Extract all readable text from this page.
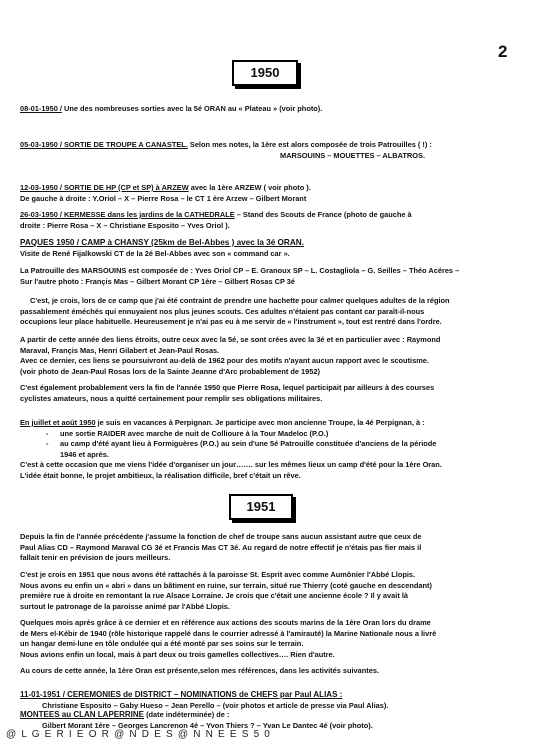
2
1950

08-01-1950 / Une des nombreuses sorties avec la 5é ORAN au « Plateau » (voir photo).

05-03-1950 / SORTIE DE TROUPE A CANASTEL. Selon mes notes, la 1ère est alors composée de trois Patrouilles ( !) :

MARSOUINS – MOUETTES – ALBATROS.

12-03-1950 / SORTIE DE HP (CP et SP) à ARZEW avec la 1ère ARZEW ( voir photo ).

De gauche à droite : Y.Oriol – X – Pierre Rosa – le CT 1 ère Arzew – Gilbert Morant

26-03-1950 / KERMESSE dans les jardins de la CATHEDRALE – Stand des Scouts de France (photo de gauche à

droite : Pierre Rosa – X – Christiane Esposito – Yves Oriol ).

PAQUES 1950 / CAMP à CHANSY (25km de Bel-Abbes ) avec la 3é ORAN.

Visite de René Fijalkowski CT de la 2é Bel-Abbes avec son « command car ».

La Patrouille des MARSOUINS est composée de : Yves Oriol CP – E. Granoux SP – L. Costagliola – G. Seilles – Théo Acéres –

Sur l'autre photo : Françis Mas – Gilbert Morant CP 1ère – Gilbert Rosas CP 3é

C'est, je crois, lors de ce camp que j'ai été contraint de prendre une hachette pour calmer quelques adultes de la région

passablement éméchés qui ennuyaient nos plus jeunes scouts. Ces adultes n'étaient pas contant car paraît-il-nous

occupions leur place habituelle. Heureusement je n'ai pas eu à me servir de « l'instrument », tout est rentré dans l'ordre.

A partir de cette année des liens étroits, outre ceux avec la 5é, se sont crées avec la 3é et en particulier avec : Raymond

Maraval, Françis Mas, Henri Gilabert et Jean-Paul Rosas.

Avec ce dernier, ces liens se poursuivront au-delà de 1962 pour des motifs n'ayant aucun rapport avec le scoutisme.

(voir photo de Jean-Paul Rosas lors de la Sainte Jeanne d'Arc probablement de 1952)

C'est également probablement vers la fin de l'année 1950 que Pierre Rosa, lequel participait par ailleurs à des courses

cyclistes amateurs, nous a quitté certainement pour remplir ses obligations militaires.

En juillet et août 1950 je suis en vacances à Perpignan. Je participe avec mon ancienne Troupe, la 4é Perpignan, à :

- une sortie RAIDER avec marche de nuit de Collioure à la Tour Madeloc (P.O.)

- au camp d'été ayant lieu à Formiguères (P.O.) au sein d'une 5é Patrouille constituée d'anciens de la période

1946 et après.

C'est à cette occasion que me viens l'idée d'organiser un jour……. sur les mêmes lieux un camp d'été pour la 1ère Oran.

L'idée était bonne, le projet ambitieux, la réalisation difficile, bref c'était un rêve.

1951

Depuis la fin de l'année précédente j'assume la fonction de chef de troupe sans aucun assistant autre que ceux de

Paul Alias CD – Raymond Maraval CG 3é et Francis Mas CT 3é. Au regard de notre effectif je n'étais pas fier mais il

fallait tenir en prévision de jours meilleurs.

C'est je crois en 1951 que nous avons été rattachés à la paroisse St. Esprit avec comme Aumônier l'Abbé Llopis.

Nous avons eu enfin un « abri » dans un bâtiment en ruine, sur terrain, situé rue Thierry (coté gauche en descendant)

première rue à droite en remontant la rue Alsace Lorraine. Je crois que c'était une ancienne école ? Il y avait là

surtout le patronage de la paroisse animé par l'Abbé Llopis.

Quelques mois après grâce à ce dernier et en référence aux actions des scouts marins de la 1ère Oran lors du drame

de Mers el-Kébir de 1940 (rôle historique rappelé dans le courrier adressé à l'amirauté) la Marine Nationale nous a livré

un hangar demi-lune en tôle ondulée qui a été monté par ses soins sur le terrain.

Nous avions enfin un local, mais à part deux ou trois gamelles collectives…. Rien d'autre.

Au cours de cette année, la 1ère Oran est présente,selon mes références, dans les activités suivantes.

11-01-1951 / CEREMONIES de DISTRICT – NOMINATIONS de CHEFS par Paul ALIAS :

Christiane Esposito – Gaby Hueso – Jean Perello – (voir photos et article de presse via Paul Alias).

MONTEES au CLAN LAPERRINE (date indéterminée) de :

Gilbert Morant 1ère – Georges Lancrenon 4é – Yvon Thiers ? – Yvan Le Dantec 4é (voir photo).

@ L G E R I E O R @ N D E S @ N N E E S 5 0
